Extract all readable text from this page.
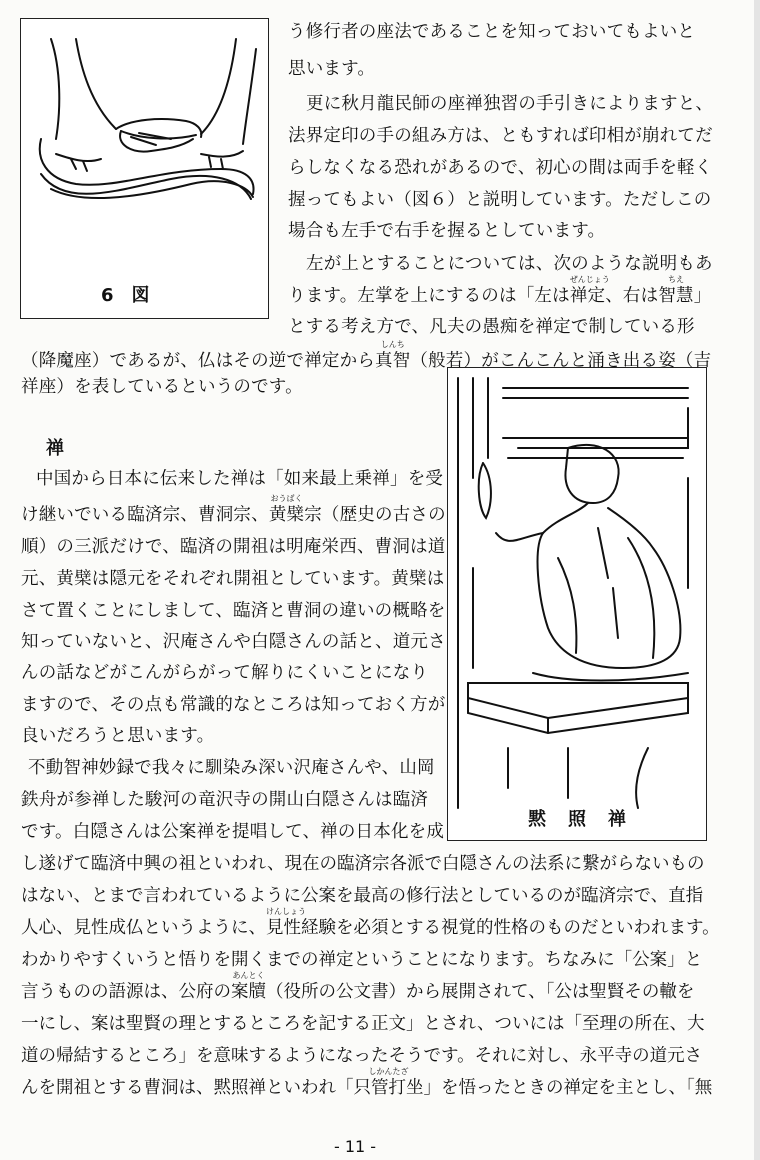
6　図
黙　照　禅
う修行者の座法であることを知っておいてもよいと
思います。
更に秋月龍民師の座禅独習の手引きによりますと、
法界定印の手の組み方は、ともすれば印相が崩れてだ
らしなくなる恐れがあるので、初心の間は両手を軽く
握ってもよい（図６）と説明しています。ただしこの
場合も左手で右手を握るとしています。
左が上とすることについては、次のような説明もあ
ります。左掌を上にするのは「左は
ぜんじょう
禅定、右は
ちえ
智慧」
とする考え方で、凡夫の愚痴を禅定で制している形
（降魔座）であるが、仏はその逆で禅定から
しんち
真智（般若）がこんこんと涌き出る姿（吉
祥座）を表しているというのです。
禅
中国から日本に伝来した禅は「如来最上乗禅」を受
け継いでいる臨済宗、曹洞宗、
おうばく
黄檗宗（歴史の古さの
順）の三派だけで、臨済の開祖は明庵栄西、曹洞は道
元、黄檗は隠元をそれぞれ開祖としています。黄檗は
さて置くことにしまして、臨済と曹洞の違いの概略を
知っていないと、沢庵さんや白隠さんの話と、道元さ
んの話などがこんがらがって解りにくいことになり
ますので、その点も常識的なところは知っておく方が
良いだろうと思います。
不動智神妙録で我々に馴染み深い沢庵さんや、山岡
鉄舟が参禅した駿河の竜沢寺の開山白隠さんは臨済
です。白隠さんは公案禅を提唱して、禅の日本化を成
し遂げて臨済中興の祖といわれ、現在の臨済宗各派で白隠さんの法系に繋がらないもの
はない、とまで言われているように公案を最高の修行法としているのが臨済宗で、直指
人心、見性成仏というように、
けんしょう
見性経験を必須とする視覚的性格のものだといわれます。
わかりやすくいうと悟りを開くまでの禅定ということになります。ちなみに「公案」と
言うものの語源は、公府の
あんとく
案牘（役所の公文書）から展開されて、「公は聖賢その轍を
一にし、案は聖賢の理とするところを記する正文」とされ、ついには「至理の所在、大
道の帰結するところ」を意味するようになったそうです。それに対し、永平寺の道元さ
んを開祖とする曹洞は、黙照禅といわれ「
しかんたざ
只管打坐」を悟ったときの禅定を主とし、「無
- 11 -
